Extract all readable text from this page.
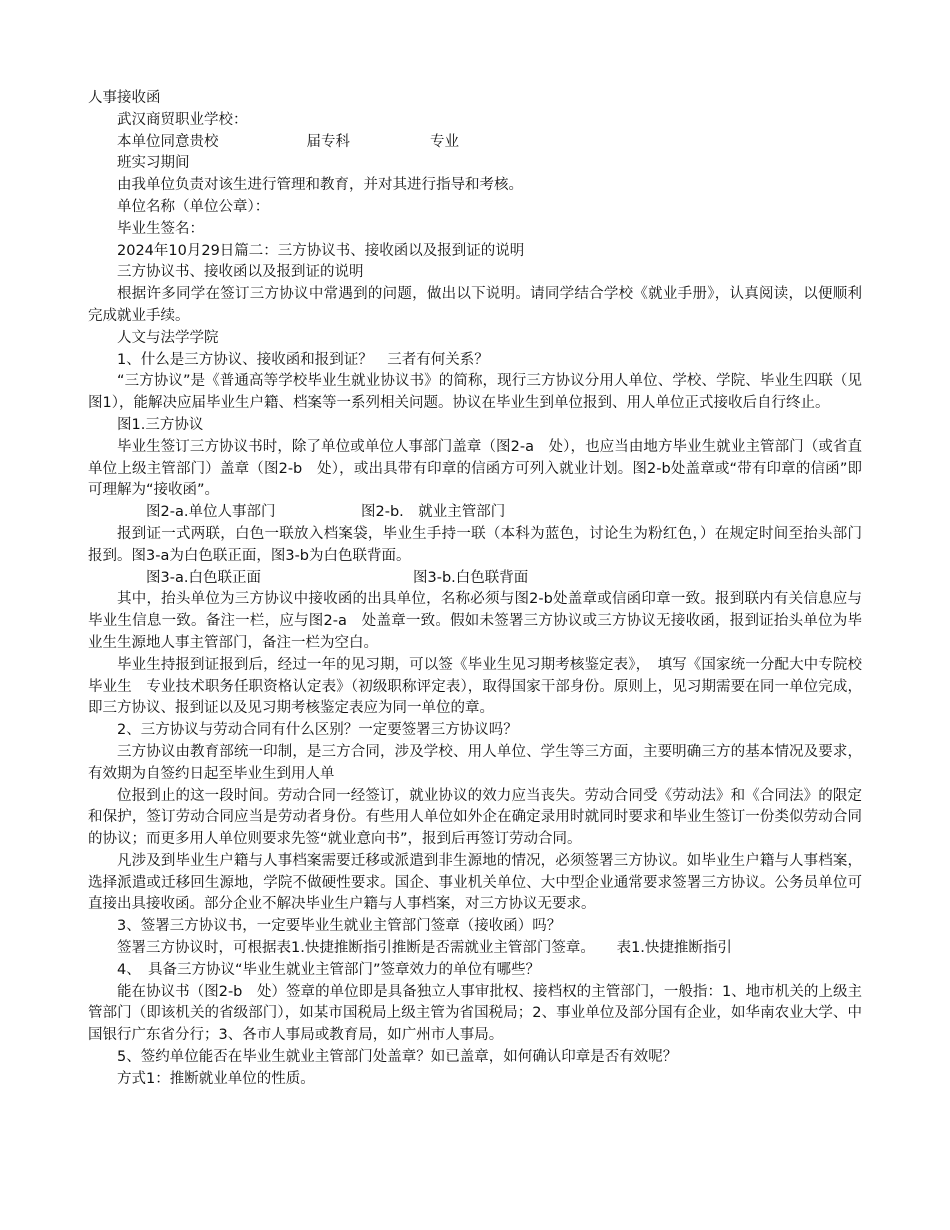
人事接收函
武汉商贸职业学校：
本单位同意贵校	届专科	专业
班实习期间
由我单位负责对该生进行管理和教育，并对其进行指导和考核。
单位名称（单位公章）：
毕业生签名：
2024年10月29日篇二：三方协议书、接收函以及报到证的说明
三方协议书、接收函以及报到证的说明

根据许多同学在签订三方协议中常遇到的问题，做出以下说明。请同学结合学校《就业手册》，认真阅读，以便顺利完成就业手续。

人文与法学学院
1、什么是三方协议、接收函和报到证？　三者有何关系？

“三方协议”是《普通高等学校毕业生就业协议书》的简称，现行三方协议分用人单位、学校、学院、毕业生四联（见图1），能解决应届毕业生户籍、档案等一系列相关问题。协议在毕业生到单位报到、用人单位正式接收后自行终止。

图1.三方协议

毕业生签订三方协议书时，除了单位或单位人事部门盖章（图2-a　处），也应当由地方毕业生就业主管部门（或省直单位上级主管部门）盖章（图2-b　处），或出具带有印章的信函方可列入就业计划。图2-b处盖章或“带有印章的信函”即可理解为“接收函”。

图2-a.单位人事部门	图2-b.　就业主管部门

报到证一式两联，白色一联放入档案袋，毕业生手持一联（本科为蓝色，讨论生为粉红色，）在规定时间至抬头部门报到。图3-a为白色联正面，图3-b为白色联背面。

图3-a.白色联正面	图3-b.白色联背面

其中，抬头单位为三方协议中接收函的出具单位，名称必须与图2-b处盖章或信函印章一致。报到联内有关信息应与毕业生信息一致。备注一栏，应与图2-a　处盖章一致。假如未签署三方协议或三方协议无接收函，报到证抬头单位为毕业生生源地人事主管部门，备注一栏为空白。

毕业生持报到证报到后，经过一年的见习期，可以签《毕业生见习期考核鉴定表》，　填写《国家统一分配大中专院校毕业生　专业技术职务任职资格认定表》（初级职称评定表），取得国家干部身份。原则上，见习期需要在同一单位完成，即三方协议、报到证以及见习期考核鉴定表应为同一单位的章。

2、三方协议与劳动合同有什么区别？一定要签署三方协议吗？

三方协议由教育部统一印制，是三方合同，涉及学校、用人单位、学生等三方面，主要明确三方的基本情况及要求，有效期为自签约日起至毕业生到用人单

位报到止的这一段时间。劳动合同一经签订，就业协议的效力应当丧失。劳动合同受《劳动法》和《合同法》的限定和保护，签订劳动合同应当是劳动者身份。有些用人单位如外企在确定录用时就同时要求和毕业生签订一份类似劳动合同的协议；而更多用人单位则要求先签“就业意向书”，报到后再签订劳动合同。

凡涉及到毕业生户籍与人事档案需要迁移或派遣到非生源地的情况，必须签署三方协议。如毕业生户籍与人事档案，选择派遣或迁移回生源地，学院不做硬性要求。国企、事业机关单位、大中型企业通常要求签署三方协议。公务员单位可直接出具接收函。部分企业不解决毕业生户籍与人事档案，对三方协议无要求。

3、签署三方协议书，一定要毕业生就业主管部门签章（接收函）吗？
签署三方协议时，可根据表1.快捷推断指引推断是否需就业主管部门签章。　　表1.快捷推断指引
4、　具备三方协议“毕业生就业主管部门”签章效力的单位有哪些？

能在协议书（图2-b　处）签章的单位即是具备独立人事审批权、接档权的主管部门，一般指：1、地市机关的上级主管部门（即该机关的省级部门），如某市国税局上级主管为省国税局；2、事业单位及部分国有企业，如华南农业大学、中国银行广东省分行；3、各市人事局或教育局，如广州市人事局。

5、签约单位能否在毕业生就业主管部门处盖章？如已盖章，如何确认印章是否有效呢？
方式1：推断就业单位的性质。
